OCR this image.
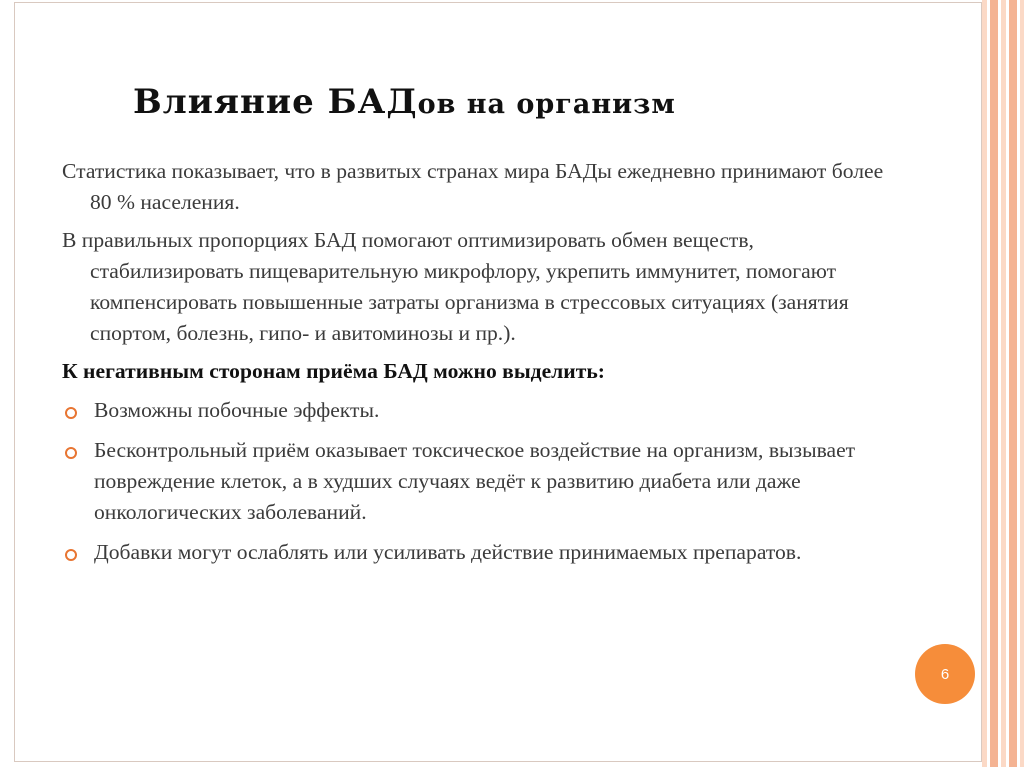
Влияние БАДов на организм

Статистика показывает, что в развитых странах мира БАДы ежедневно принимают более 80 % населения.

В правильных пропорциях БАД помогают оптимизировать обмен веществ, стабилизировать пищеварительную микрофлору, укрепить иммунитет, помогают компенсировать повышенные затраты организма в стрессовых ситуациях (занятия спортом, болезнь, гипо- и авитоминозы и пр.).

К негативным сторонам приёма БАД можно выделить:

Возможны побочные эффекты.
Бесконтрольный приём оказывает токсическое воздействие на организм, вызывает повреждение клеток, а в худших случаях ведёт к развитию диабета или даже онкологических заболеваний.
Добавки могут ослаблять или усиливать действие принимаемых препаратов.
6
